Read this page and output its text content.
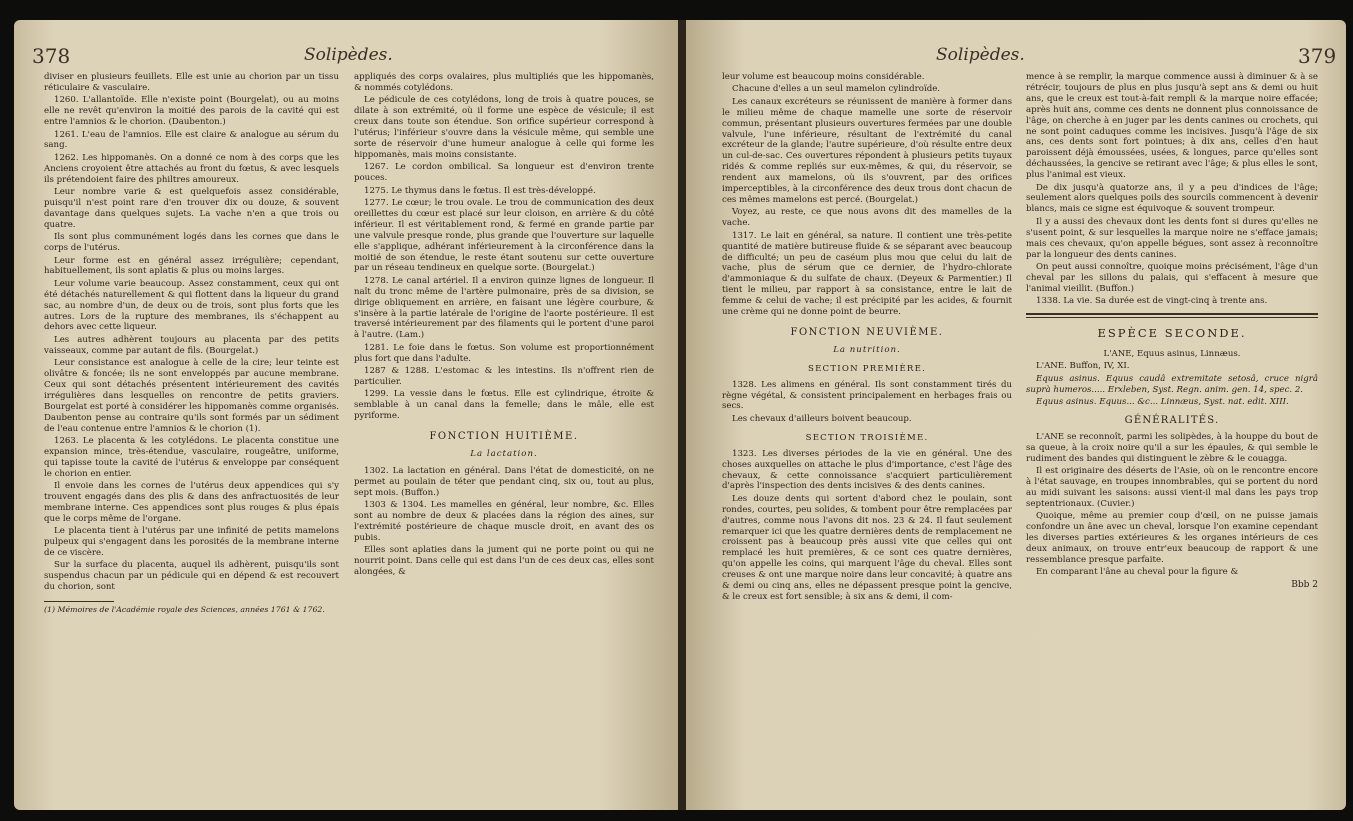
378	Solipèdes.

diviser en plusieurs feuillets. Elle est unie au chorion par un tissu réticulaire & vasculaire.

1260. L'allantoïde. Elle n'existe point (Bourgelat), ou au moins elle ne revêt qu'environ la moitié des parois de la cavité qui est entre l'amnios & le chorion. (Daubenton.)

1261. L'eau de l'amnios. Elle est claire & analogue au sérum du sang.

1262. Les hippomanès. On a donné ce nom à des corps que les Anciens croyoient être attachés au front du fœtus, & avec lesquels ils prétendoient faire des philtres amoureux.

Leur nombre varie & est quelquefois assez considérable, puisqu'il n'est point rare d'en trouver dix ou douze, & souvent davantage dans quelques sujets. La vache n'en a que trois ou quatre.

Ils sont plus communément logés dans les cornes que dans le corps de l'utérus.

Leur forme est en général assez irrégulière; cependant, habituellement, ils sont aplatis & plus ou moins larges.

Leur volume varie beaucoup. Assez constamment, ceux qui ont été détachés naturellement & qui flottent dans la liqueur du grand sac, au nombre d'un, de deux ou de trois, sont plus forts que les autres. Lors de la rupture des membranes, ils s'échappent au dehors avec cette liqueur.

Les autres adhèrent toujours au placenta par des petits vaisseaux, comme par autant de fils. (Bourgelat.)

Leur consistance est analogue à celle de la cire; leur teinte est olivâtre & foncée; ils ne sont enveloppés par aucune membrane. Ceux qui sont détachés présentent intérieurement des cavités irrégulières dans lesquelles on rencontre de petits graviers. Bourgelat est porté à considérer les hippomanès comme organisés. Daubenton pense au contraire qu'ils sont formés par un sédiment de l'eau contenue entre l'amnios & le chorion (1).

1263. Le placenta & les cotylédons. Le placenta constitue une expansion mince, très-étendue, vasculaire, rougeâtre, uniforme, qui tapisse toute la cavité de l'utérus & enveloppe par conséquent le chorion en entier.

Il envoie dans les cornes de l'utérus deux appendices qui s'y trouvent engagés dans des plis & dans des anfractuosités de leur membrane interne. Ces appendices sont plus rouges & plus épais que le corps même de l'organe.

Le placenta tient à l'utérus par une infinité de petits mamelons pulpeux qui s'engagent dans les porosités de la membrane interne de ce viscère.

Sur la surface du placenta, auquel ils adhèrent, puisqu'ils sont suspendus chacun par un pédicule qui en dépend & est recouvert du chorion, sont

(1) Mémoires de l'Académie royale des Sciences, années 1761 & 1762.

appliqués des corps ovalaires, plus multipliés que les hippomanès, & nommés cotylédons.

Le pédicule de ces cotylédons, long de trois à quatre pouces, se dilate à son extrémité, où il forme une espèce de vésicule; il est creux dans toute son étendue. Son orifice supérieur correspond à l'utérus; l'inférieur s'ouvre dans la vésicule même, qui semble une sorte de réservoir d'une humeur analogue à celle qui forme les hippomanès, mais moins consistante.

1267. Le cordon ombilical. Sa longueur est d'environ trente pouces.

1275. Le thymus dans le fœtus. Il est très-développé.

1277. Le cœur; le trou ovale. Le trou de communication des deux oreillettes du cœur est placé sur leur cloison, en arrière & du côté inférieur. Il est véritablement rond, & fermé en grande partie par une valvule presque ronde, plus grande que l'ouverture sur laquelle elle s'applique, adhérant inférieurement à la circonférence dans la moitié de son étendue, le reste étant soutenu sur cette ouverture par un réseau tendineux en quelque sorte. (Bourgelat.)

1278. Le canal artériel. Il a environ quinze lignes de longueur. Il naît du tronc même de l'artère pulmonaire, près de sa division, se dirige obliquement en arrière, en faisant une légère courbure, & s'insère à la partie latérale de l'origine de l'aorte postérieure. Il est traversé intérieurement par des filaments qui le portent d'une paroi à l'autre. (Lam.)

1281. Le foie dans le fœtus. Son volume est proportionnément plus fort que dans l'adulte.

1287 & 1288. L'estomac & les intestins. Ils n'offrent rien de particulier.

1299. La vessie dans le fœtus. Elle est cylindrique, étroite & semblable à un canal dans la femelle; dans le mâle, elle est pyriforme.

FONCTION HUITIÈME.

La lactation.

1302. La lactation en général. Dans l'état de domesticité, on ne permet au poulain de téter que pendant cinq, six ou, tout au plus, sept mois. (Buffon.)

1303 & 1304. Les mamelles en général, leur nombre, &c. Elles sont au nombre de deux & placées dans la région des aines, sur l'extrémité postérieure de chaque muscle droit, en avant des os pubis.

Elles sont aplaties dans la jument qui ne porte point ou qui ne nourrit point. Dans celle qui est dans l'un de ces deux cas, elles sont alongées, &

Solipèdes.	379

leur volume est beaucoup moins considérable.

Chacune d'elles a un seul mamelon cylindroïde.

Les canaux excréteurs se réunissent de manière à former dans le milieu même de chaque mamelle une sorte de réservoir commun, présentant plusieurs ouvertures fermées par une double valvule, l'une inférieure, résultant de l'extrémité du canal excréteur de la glande; l'autre supérieure, d'où résulte entre deux un cul-de-sac. Ces ouvertures répondent à plusieurs petits tuyaux ridés & comme repliés sur eux-mêmes, & qui, du réservoir, se rendent aux mamelons, où ils s'ouvrent, par des orifices imperceptibles, à la circonférence des deux trous dont chacun de ces mêmes mamelons est percé. (Bourgelat.)

Voyez, au reste, ce que nous avons dit des mamelles de la vache.

1317. Le lait en général, sa nature. Il contient une très-petite quantité de matière butireuse fluide & se séparant avec beaucoup de difficulté; un peu de caséum plus mou que celui du lait de vache, plus de sérum que ce dernier, de l'hydro-chlorate d'ammoniaque & du sulfate de chaux. (Deyeux & Parmentier.) Il tient le milieu, par rapport à sa consistance, entre le lait de femme & celui de vache; il est précipité par les acides, & fournit une crème qui ne donne point de beurre.

FONCTION NEUVIÈME.

La nutrition.

SECTION PREMIÈRE.

1328. Les alimens en général. Ils sont constamment tirés du règne végétal, & consistent principalement en herbages frais ou secs.

Les chevaux d'ailleurs boivent beaucoup.

SECTION TROISIÈME.

1323. Les diverses périodes de la vie en général. Une des choses auxquelles on attache le plus d'importance, c'est l'âge des chevaux, & cette connoissance s'acquiert particulièrement d'après l'inspection des dents incisives & des dents canines.

Les douze dents qui sortent d'abord chez le poulain, sont rondes, courtes, peu solides, & tombent pour être remplacées par d'autres, comme nous l'avons dit nos. 23 & 24. Il faut seulement remarquer ici que les quatre dernières dents de remplacement ne croissent pas à beaucoup près aussi vite que celles qui ont remplacé les huit premières, & ce sont ces quatre dernières, qu'on appelle les coins, qui marquent l'âge du cheval. Elles sont creuses & ont une marque noire dans leur concavité; à quatre ans & demi ou cinq ans, elles ne dépassent presque point la gencive, & le creux est fort sensible; à six ans & demi, il com-

mence à se remplir, la marque commence aussi à diminuer & à se rétrécir, toujours de plus en plus jusqu'à sept ans & demi ou huit ans, que le creux est tout-à-fait rempli & la marque noire effacée; après huit ans, comme ces dents ne donnent plus connoissance de l'âge, on cherche à en juger par les dents canines ou crochets, qui ne sont point caduques comme les incisives. Jusqu'à l'âge de six ans, ces dents sont fort pointues; à dix ans, celles d'en haut paroissent déjà émoussées, usées, & longues, parce qu'elles sont déchaussées, la gencive se retirant avec l'âge; & plus elles le sont, plus l'animal est vieux.

De dix jusqu'à quatorze ans, il y a peu d'indices de l'âge; seulement alors quelques poils des sourcils commencent à devenir blancs, mais ce signe est équivoque & souvent trompeur.

Il y a aussi des chevaux dont les dents font si dures qu'elles ne s'usent point, & sur lesquelles la marque noire ne s'efface jamais; mais ces chevaux, qu'on appelle bégues, sont assez à reconnoître par la longueur des dents canines.

On peut aussi connoître, quoique moins précisément, l'âge d'un cheval par les sillons du palais, qui s'effacent à mesure que l'animal vieillit. (Buffon.)

1338. La vie. Sa durée est de vingt-cinq à trente ans.

ESPÈCE SECONDE.

L'ANE, Equus asinus, Linnæus.

L'ANE. Buffon, IV, XI.

Equus asinus. Equus caudâ extremitate setosâ, cruce nigrâ suprà humeros..... Erxleben, Syst. Regn. anim. gen. 14, spec. 2.

Equus asinus. Equus... &c... Linnæus, Syst. nat. edit. XIII.

GÉNÉRALITÉS.

L'ANE se reconnoît, parmi les solipèdes, à la houppe du bout de sa queue, à la croix noire qu'il a sur les épaules, & qui semble le rudiment des bandes qui distinguent le zèbre & le couagga.

Il est originaire des déserts de l'Asie, où on le rencontre encore à l'état sauvage, en troupes innombrables, qui se portent du nord au midi suivant les saisons: aussi vient-il mal dans les pays trop septentrionaux. (Cuvier.)

Quoique, même au premier coup d'œil, on ne puisse jamais confondre un âne avec un cheval, lorsque l'on examine cependant les diverses parties extérieures & les organes intérieurs de ces deux animaux, on trouve entr'eux beaucoup de rapport & une ressemblance presque parfaite.

En comparant l'âne au cheval pour la figure &

Bbb 2
